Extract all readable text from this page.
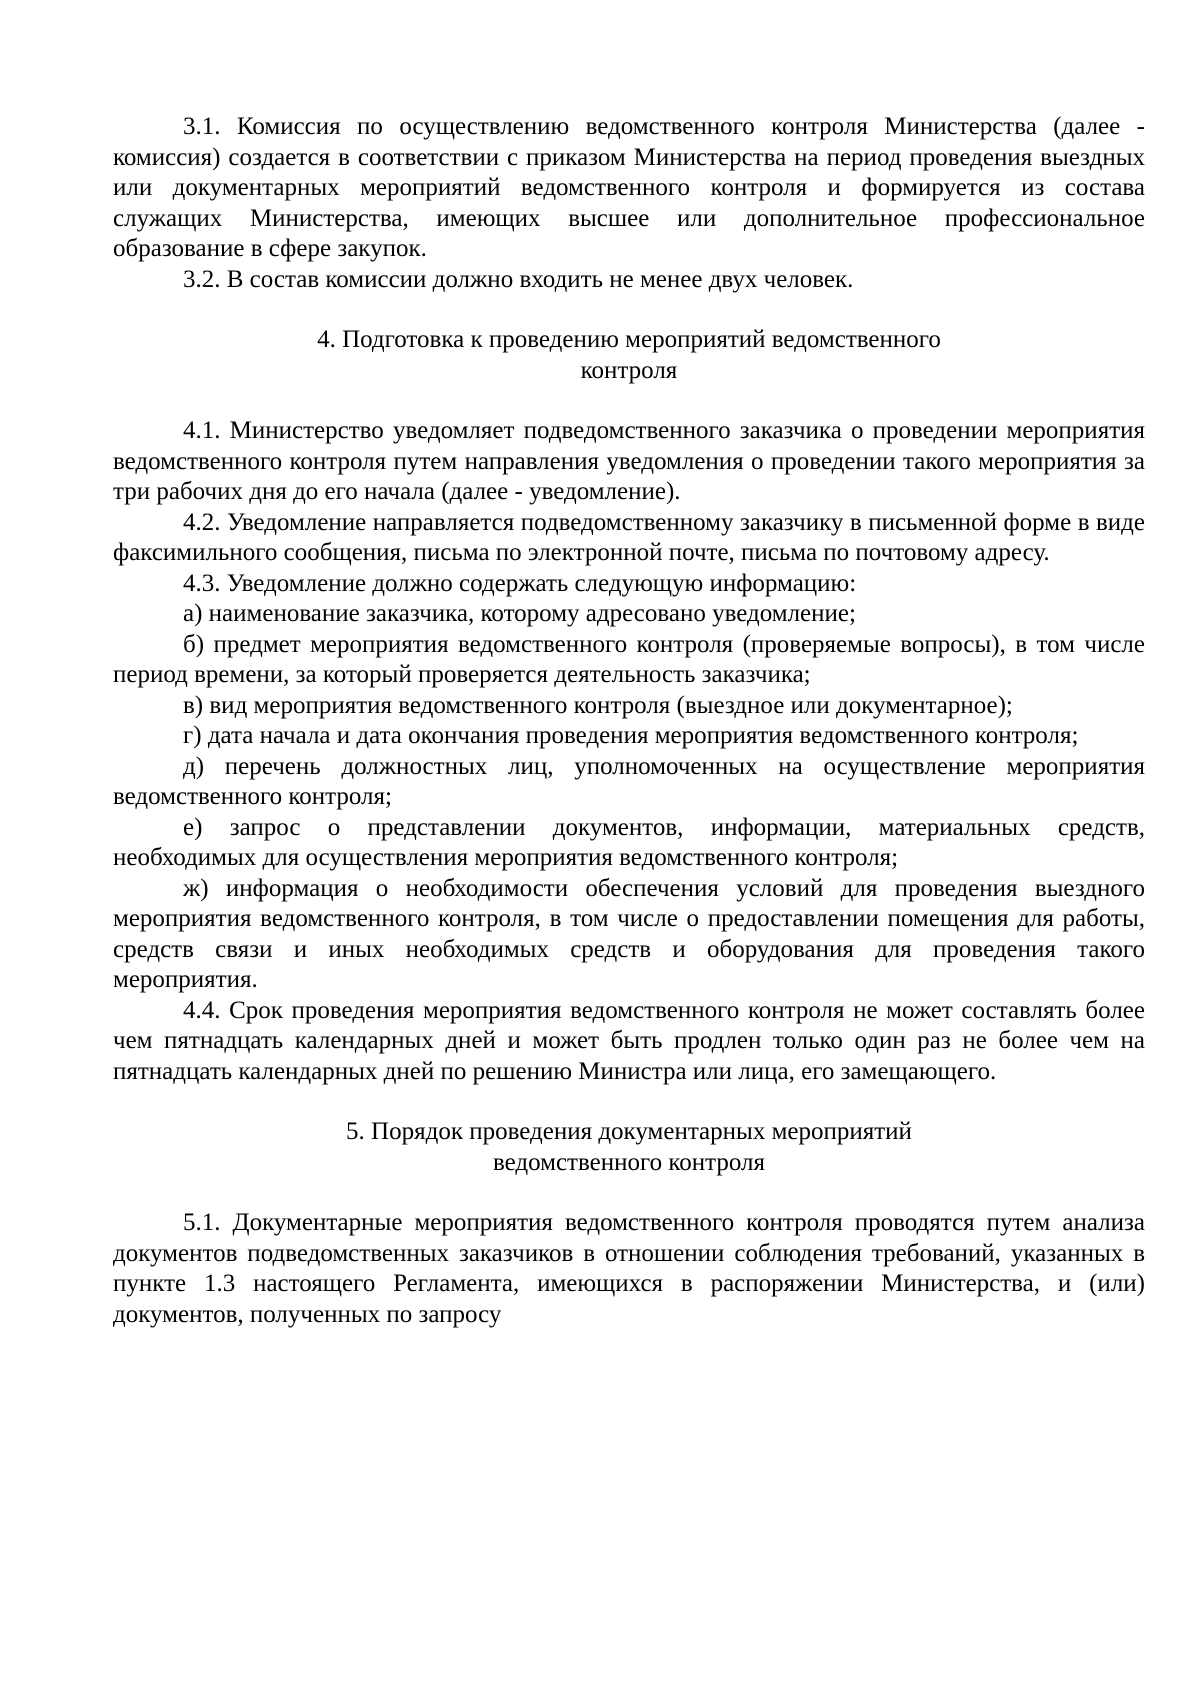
3.1. Комиссия по осуществлению ведомственного контроля Министерства (далее - комиссия) создается в соответствии с приказом Министерства на период проведения выездных или документарных мероприятий ведомственного контроля и формируется из состава служащих Министерства, имеющих высшее или дополнительное профессиональное образование в сфере закупок.

3.2. В состав комиссии должно входить не менее двух человек.

4. Подготовка к проведению мероприятий ведомственного
контроля

4.1. Министерство уведомляет подведомственного заказчика о проведении мероприятия ведомственного контроля путем направления уведомления о проведении такого мероприятия за три рабочих дня до его начала (далее - уведомление).

4.2. Уведомление направляется подведомственному заказчику в письменной форме в виде факсимильного сообщения, письма по электронной почте, письма по почтовому адресу.

4.3. Уведомление должно содержать следующую информацию:

а) наименование заказчика, которому адресовано уведомление;

б) предмет мероприятия ведомственного контроля (проверяемые вопросы), в том числе период времени, за который проверяется деятельность заказчика;

в) вид мероприятия ведомственного контроля (выездное или документарное);

г) дата начала и дата окончания проведения мероприятия ведомственного контроля;

д) перечень должностных лиц, уполномоченных на осуществление мероприятия ведомственного контроля;

е) запрос о представлении документов, информации, материальных средств, необходимых для осуществления мероприятия ведомственного контроля;

ж) информация о необходимости обеспечения условий для проведения выездного мероприятия ведомственного контроля, в том числе о предоставлении помещения для работы, средств связи и иных необходимых средств и оборудования для проведения такого мероприятия.

4.4. Срок проведения мероприятия ведомственного контроля не может составлять более чем пятнадцать календарных дней и может быть продлен только один раз не более чем на пятнадцать календарных дней по решению Министра или лица, его замещающего.

5. Порядок проведения документарных мероприятий
ведомственного контроля

5.1. Документарные мероприятия ведомственного контроля проводятся путем анализа документов подведомственных заказчиков в отношении соблюдения требований, указанных в пункте 1.3 настоящего Регламента, имеющихся в распоряжении Министерства, и (или) документов, полученных по запросу
